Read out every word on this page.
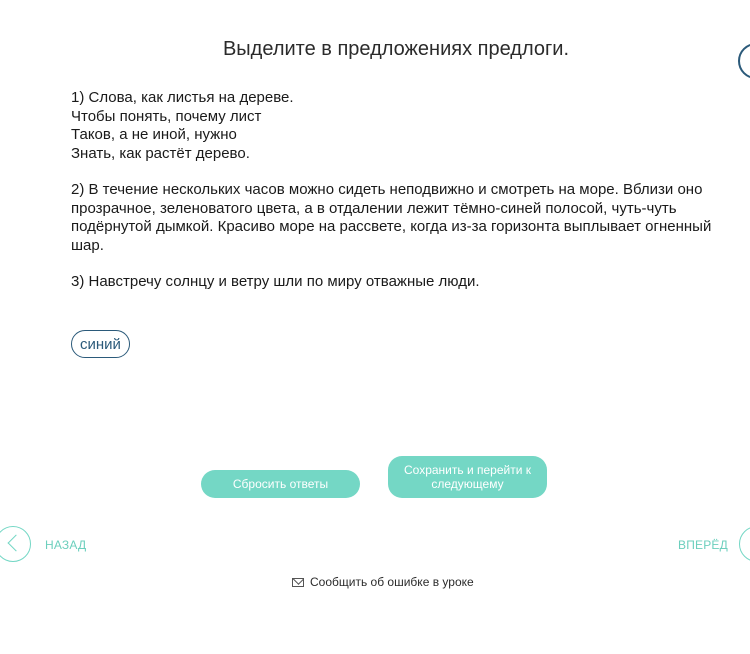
Выделите в предложениях предлоги.

1) Слова, как листья на дереве.

Чтобы понять, почему лист

Таков, а не иной, нужно

Знать, как растёт дерево.

2) В течение нескольких часов можно сидеть неподвижно и смотреть на море. Вблизи оно

прозрачное, зеленоватого цвета, а в отдалении лежит тёмно-синей полосой, чуть-чуть

подёрнутой дымкой. Красиво море на рассвете, когда из-за горизонта выплывает огненный

шар.

3) Навстречу солнцу и ветру шли по миру отважные люди.

синий
Сбросить ответы
Сохранить и перейти к следующему
НАЗАД	ВПЕРЁД
Сообщить об ошибке в уроке
